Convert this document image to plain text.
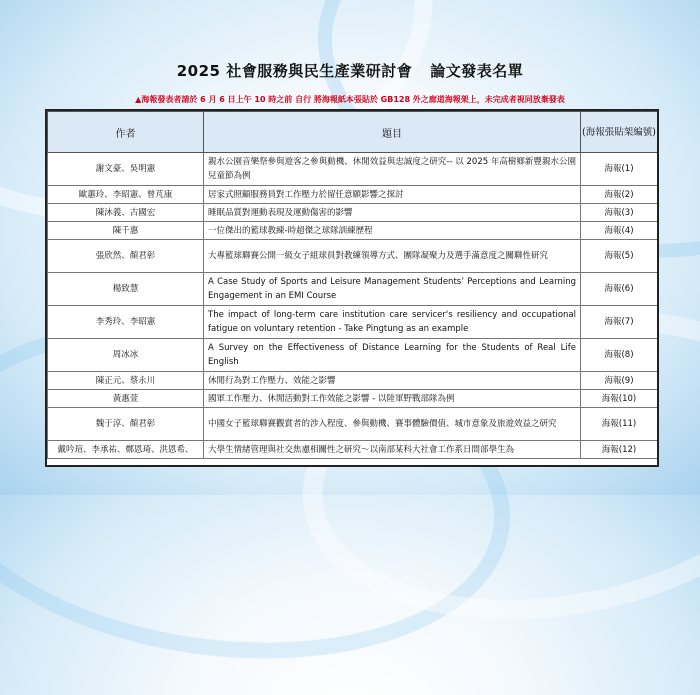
2025 社會服務與民生產業研討會 論文發表名單
▲海報發表者請於 6 月 6 日上午 10 時之前 自行 將海報紙本張貼於 GB128 外之廊道海報架上，未完成者視同放棄發表
作者	題目	(海報張貼架編號)
謝文豪、吳明憲	親水公園音樂祭參與遊客之參與動機、休閒效益與忠誠度之研究-- 以 2025 年高樹鄉新豐親水公園兒童節為例	海報(1)
歐蕙玲、李昭憲、曾芃康	居家式照顧服務員對工作壓力於留任意願影響之探討	海報(2)
陳沐義、古國宏	睡眠品質對運動表現及運動傷害的影響	海報(3)
陳千惠	一位傑出的籃球教練-時超傑之球隊訓練歷程	海報(4)
張欣然、顏君彰	大專籃球聯賽公開一級女子組球員對教練領導方式、團隊凝聚力及選手滿意度之關聯性研究	海報(5)
楊致慧	A Case Study of Sports and Leisure Management Students’ Perceptions and Learning Engagement in an EMI Course	海報(6)
李秀玲、李昭憲	The impact of long-term care institution care servicer's resiliency and occupational fatigue on voluntary retention - Take Pingtung as an example	海報(7)
周冰冰	A Survey on the Effectiveness of Distance Learning for the Students of Real Life English	海報(8)
陳正元、蔡永川	休閒行為對工作壓力、效能之影響	海報(9)
黃惠萱	國軍工作壓力、休閒活動對工作效能之影響 - 以陸軍野戰部隊為例	海報(10)
魏于淳、顏君彰	中國女子籃球聯賽觀賞者的涉入程度、參與動機、賽事體驗價值、城市意象及旅遊效益之研究	海報(11)
戴吟瑄、李承祐、鄭恩琦、洪恩希、	大學生情緒管理與社交焦慮相關性之研究～以南部某科大社會工作系日間部學生為	海報(12)
